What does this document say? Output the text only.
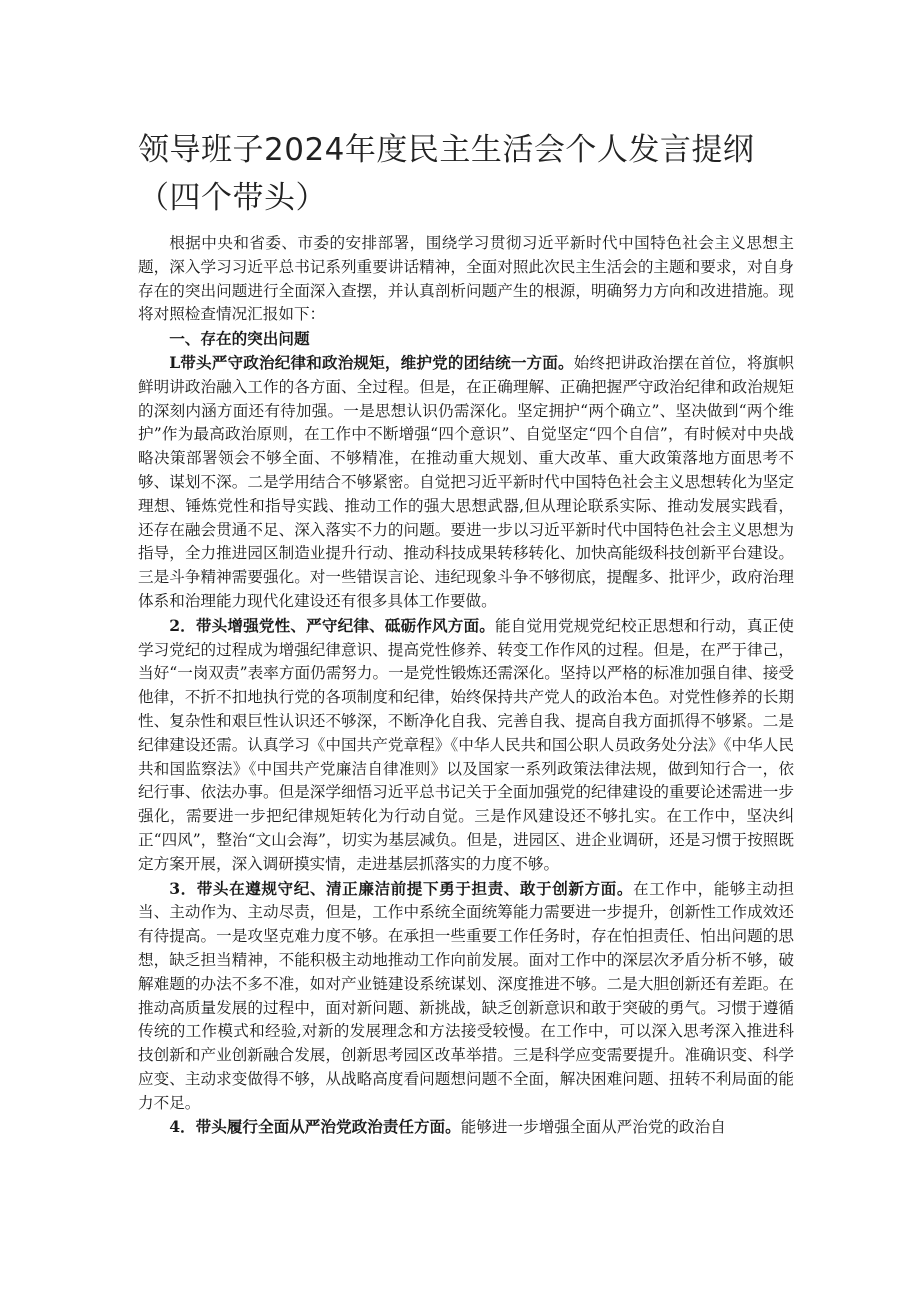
领导班子2024年度民主生活会个人发言提纲（四个带头）

根据中央和省委、市委的安排部署，围绕学习贯彻习近平新时代中国特色社会主义思想主题，深入学习习近平总书记系列重要讲话精神，全面对照此次民主生活会的主题和要求，对自身存在的突出问题进行全面深入查摆，并认真剖析问题产生的根源，明确努力方向和改进措施。现将对照检查情况汇报如下：

一、存在的突出问题

L带头严守政治纪律和政治规矩，维护党的团结统一方面。始终把讲政治摆在首位，将旗帜鲜明讲政治融入工作的各方面、全过程。但是，在正确理解、正确把握严守政治纪律和政治规矩的深刻内涵方面还有待加强。一是思想认识仍需深化。坚定拥护“两个确立”、坚决做到“两个维护”作为最高政治原则，在工作中不断增强“四个意识”、自觉坚定“四个自信”，有时候对中央战略决策部署领会不够全面、不够精准，在推动重大规划、重大改革、重大政策落地方面思考不够、谋划不深。二是学用结合不够紧密。自觉把习近平新时代中国特色社会主义思想转化为坚定理想、锤炼党性和指导实践、推动工作的强大思想武器,但从理论联系实际、推动发展实践看，还存在融会贯通不足、深入落实不力的问题。要进一步以习近平新时代中国特色社会主义思想为指导，全力推进园区制造业提升行动、推动科技成果转移转化、加快高能级科技创新平台建设。三是斗争精神需要强化。对一些错误言论、违纪现象斗争不够彻底，提醒多、批评少，政府治理体系和治理能力现代化建设还有很多具体工作要做。

2．带头增强党性、严守纪律、砥砺作风方面。能自觉用党规党纪校正思想和行动，真正使学习党纪的过程成为增强纪律意识、提高党性修养、转变工作作风的过程。但是，在严于律己，当好“一岗双责”表率方面仍需努力。一是党性锻炼还需深化。坚持以严格的标准加强自律、接受他律，不折不扣地执行党的各项制度和纪律，始终保持共产党人的政治本色。对党性修养的长期性、复杂性和艰巨性认识还不够深，不断净化自我、完善自我、提高自我方面抓得不够紧。二是纪律建设还需。认真学习《中国共产党章程》《中华人民共和国公职人员政务处分法》《中华人民共和国监察法》《中国共产党廉洁自律准则》以及国家一系列政策法律法规，做到知行合一，依纪行事、依法办事。但是深学细悟习近平总书记关于全面加强党的纪律建设的重要论述需进一步强化，需要进一步把纪律规矩转化为行动自觉。三是作风建设还不够扎实。在工作中，坚决纠正“四风”，整治“文山会海”，切实为基层减负。但是，进园区、进企业调研，还是习惯于按照既定方案开展，深入调研摸实情，走进基层抓落实的力度不够。

3．带头在遵规守纪、清正廉洁前提下勇于担责、敢于创新方面。在工作中，能够主动担当、主动作为、主动尽责，但是，工作中系统全面统筹能力需要进一步提升，创新性工作成效还有待提高。一是攻坚克难力度不够。在承担一些重要工作任务时，存在怕担责任、怕出问题的思想，缺乏担当精神，不能积极主动地推动工作向前发展。面对工作中的深层次矛盾分析不够，破解难题的办法不多不准，如对产业链建设系统谋划、深度推进不够。二是大胆创新还有差距。在推动高质量发展的过程中，面对新问题、新挑战，缺乏创新意识和敢于突破的勇气。习惯于遵循传统的工作模式和经验,对新的发展理念和方法接受较慢。在工作中，可以深入思考深入推进科技创新和产业创新融合发展，创新思考园区改革举措。三是科学应变需要提升。准确识变、科学应变、主动求变做得不够，从战略高度看问题想问题不全面，解决困难问题、扭转不利局面的能力不足。

4．带头履行全面从严治党政治责任方面。能够进一步增强全面从严治党的政治自
